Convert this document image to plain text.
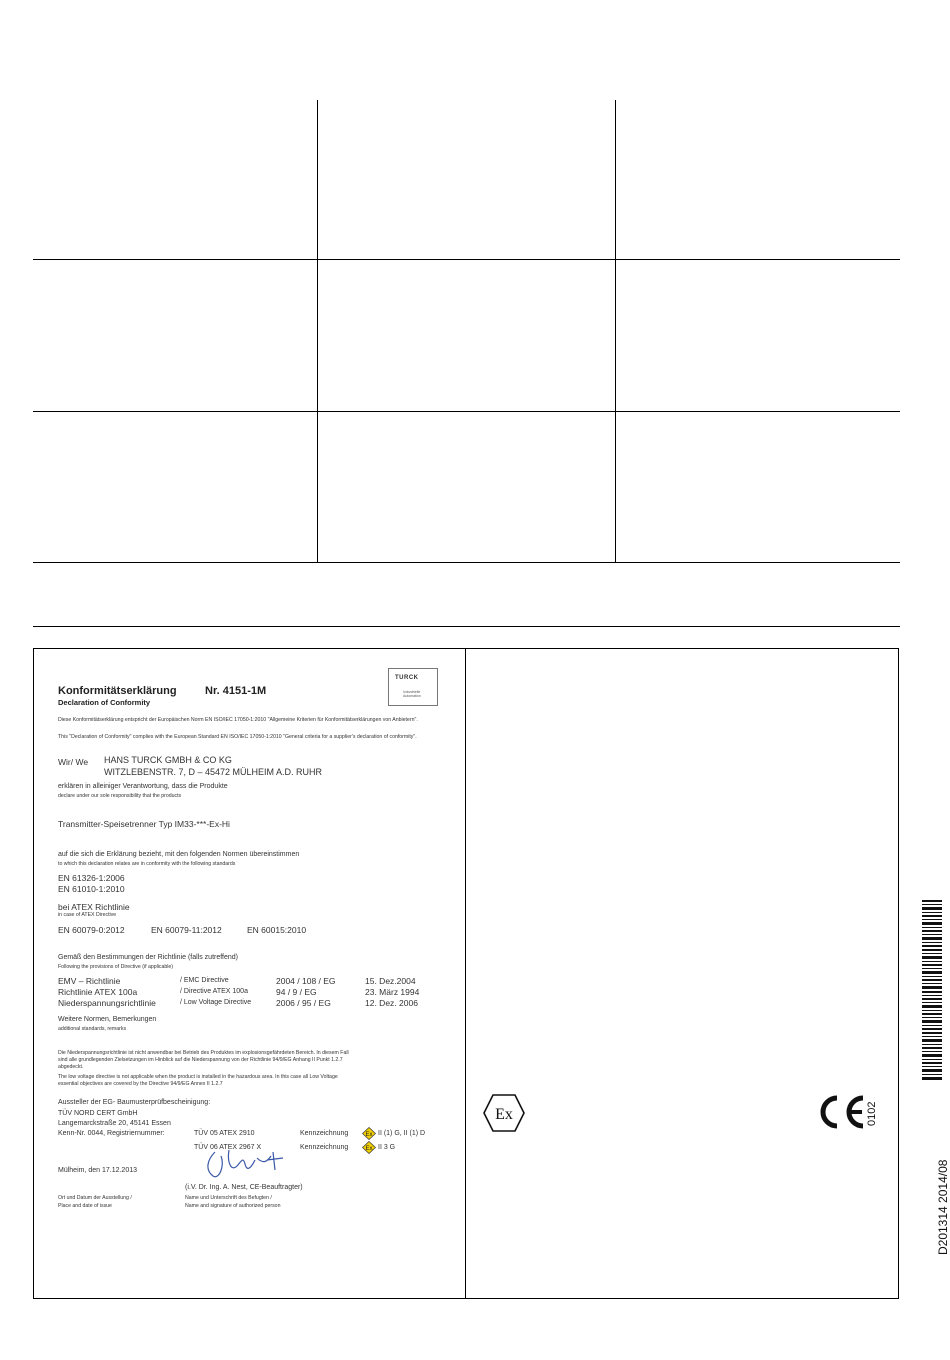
Konformitätserklärung	Nr. 4151-1M
Declaration of Conformity
TURCK
Industrielle
Automation
Diese Konformitätserklärung entspricht der Europäischen Norm EN ISO/IEC 17050-1:2010 "Allgemeine Kriterien für Konformitätserklärungen von Anbietern".
This "Declaration of Conformity" complies with the European Standard EN ISO/IEC 17050-1:2010 "General criteria for a supplier's declaration of conformity".
Wir/ We HANS TURCK GMBH & CO KG
WITZLEBENSTR. 7, D – 45472 MÜLHEIM A.D. RUHR
erklären in alleiniger Verantwortung, dass die Produkte
declare under our sole responsibility that the products
Transmitter-Speisetrenner Typ IM33-***-Ex-Hi
auf die sich die Erklärung bezieht, mit den folgenden Normen übereinstimmen
to which this declaration relates are in conformity with the following standards
EN 61326-1:2006
EN 61010-1:2010
bei ATEX Richtlinie
in case of ATEX Directive
EN 60079-0:2012	EN 60079-11:2012	EN 60015:2010
Gemäß den Bestimmungen der Richtlinie (falls zutreffend)
Following the provisions of Directive (if applicable)
EMV – Richtlinie	/ EMC Directive	2004 / 108 / EG	15. Dez.2004
Richtlinie ATEX 100a	/ Directive ATEX 100a	94 / 9 / EG	23. März 1994
Niederspannungsrichtlinie	/ Low Voltage Directive	2006 / 95 / EG	12. Dez. 2006
Weitere Normen, Bemerkungen
additional standards, remarks
Die Niederspannungsrichtlinie ist nicht anwendbar bei Betrieb des Produktes im explosionsgefährdeten Bereich. In diesem Fall
sind alle grundlegenden Zielsetzungen im Hinblick auf die Niederspannung von der Richtlinie 94/9/EG Anhang II Punkt 1.2.7
abgedeckt.
The low voltage directive is not applicable when the product is installed in the hazardous area. In this case all Low Voltage
essential objectives are covered by the Directive 94/9/EG Annex II 1.2.7
Aussteller der EG- Baumusterprüfbescheinigung:
TÜV NORD CERT GmbH
Langemarckstraße 20, 45141 Essen
Kenn-Nr. 0044, Registriernummer:	TÜV 05 ATEX 2910	Kennzeichnung	Ex II (1) G, II (1) D
TÜV 06 ATEX 2967 X	Kennzeichnung	Ex II 3 G
Mülheim, den 17.12.2013
(i.V. Dr. Ing. A. Nest, CE-Beauftragter)
Ort und Datum der Ausstellung /
Place and date of issue
Name und Unterschrift des Befugten /
Name and signature of authorized person
Ex	0102
D201314 2014/08
